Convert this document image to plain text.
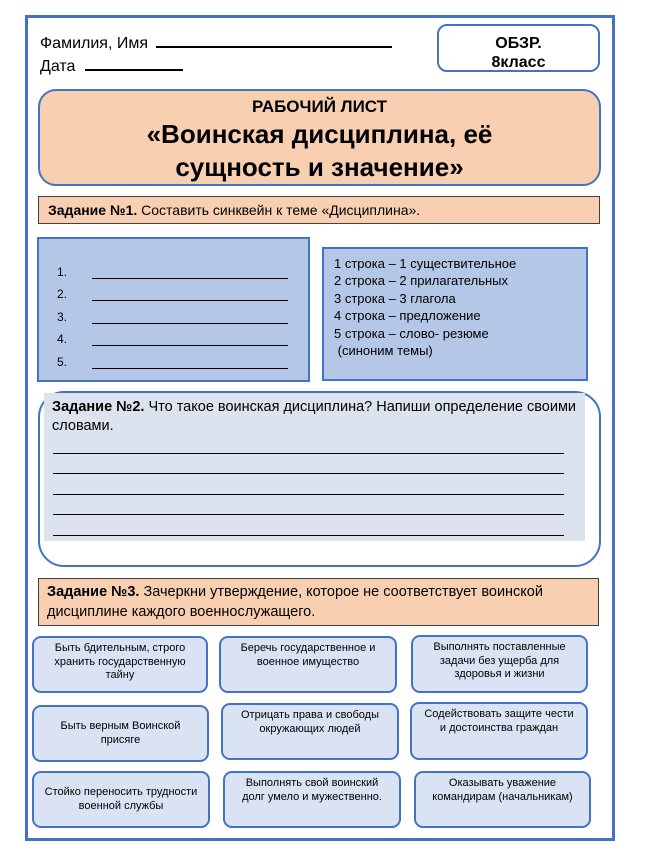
Фамилия, Имя
Дата
ОБЗР.
8класс
РАБОЧИЙ ЛИСТ
«Воинская дисциплина, её
сущность и значение»
Задание №1. Составить синквейн к теме «Дисциплина».
1.
2.
3.
4.
5.
1 строка – 1 существительное
2 строка – 2 прилагательных
3 строка – 3 глагола
4 строка – предложение
5 строка – слово- резюме
(синоним темы)
Задание №2. Что такое воинская дисциплина? Напиши определение своими словами.
Задание №3. Зачеркни утверждение, которое не соответствует воинской дисциплине каждого военнослужащего.
Быть бдительным, строго хранить государственную тайну
Беречь государственное и военное имущество
Выполнять поставленные задачи без ущерба для здоровья и жизни
Быть верным Воинской присяге
Отрицать права и свободы окружающих людей
Содействовать защите чести и достоинства граждан
Стойко переносить трудности военной службы
Выполнять свой воинский долг умело и мужественно.
Оказывать уважение командирам (начальникам)
